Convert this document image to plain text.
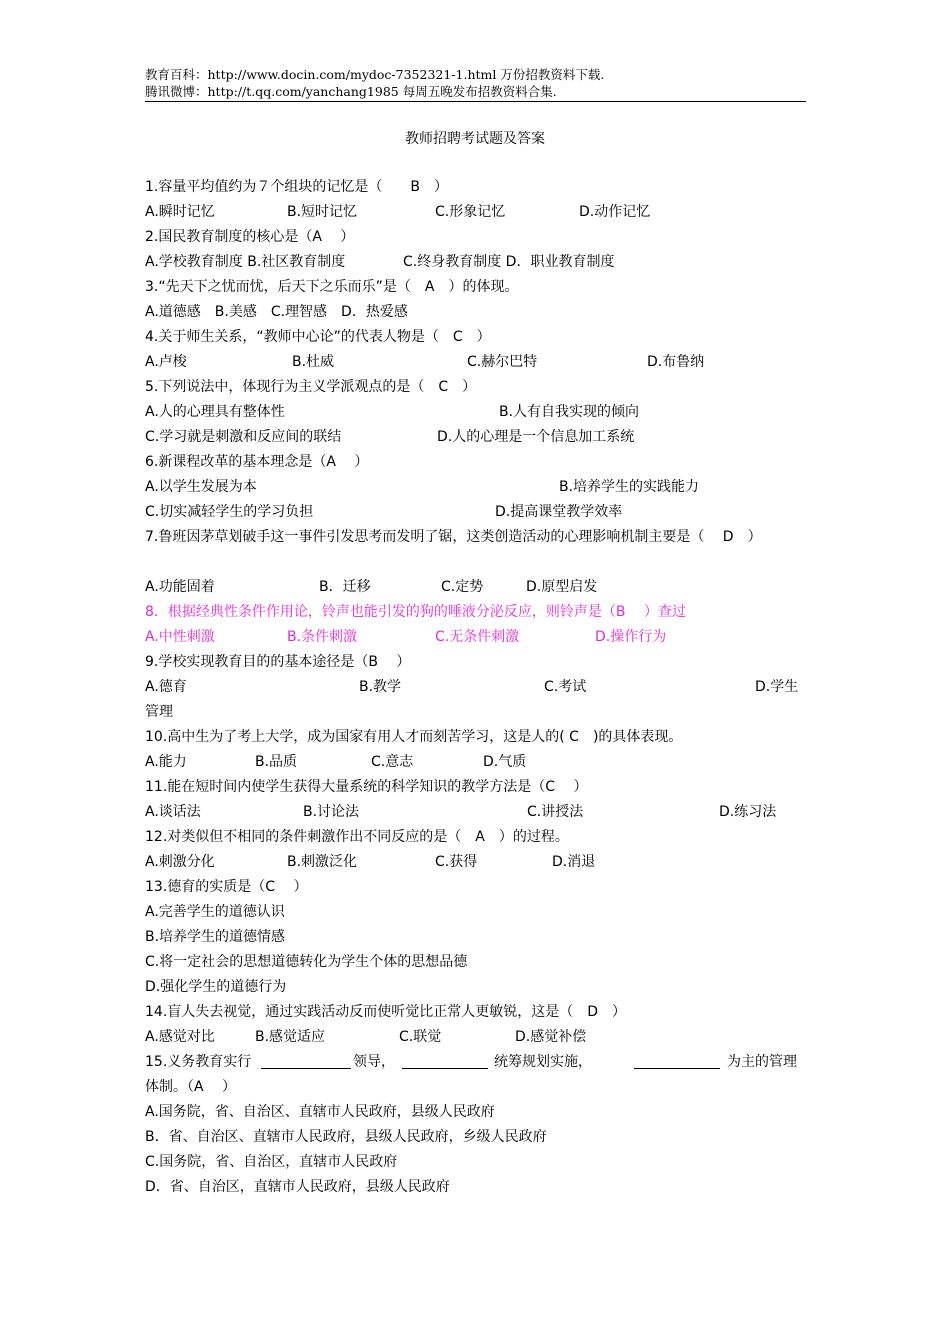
教育百科：http://www.docin.com/mydoc-7352321-1.html 万份招教资料下载.
腾讯微博：http://t.qq.com/yanchang1985 每周五晚发布招教资料合集.
教师招聘考试题及答案
1.容量平均值约为７个组块的记忆是（　　B　）
A.瞬时记忆	B.短时记忆	C.形象记忆	D.动作记忆
2.国民教育制度的核心是（A　 ）
A.学校教育制度 B.社区教育制度	C.终身教育制度 D．职业教育制度
3.“先天下之忧而忧，后天下之乐而乐”是（　A　）的体现。
A.道德感　B.美感　C.理智感　D．热爱感
4.关于师生关系，“教师中心论”的代表人物是（　C　）
A.卢梭	B.杜威	C.赫尔巴特	D.布鲁纳
5.下列说法中，体现行为主义学派观点的是（　C　）
A.人的心理具有整体性	B.人有自我实现的倾向
C.学习就是刺激和反应间的联结	D.人的心理是一个信息加工系统
6.新课程改革的基本理念是（A　 ）
A.以学生发展为本	B.培养学生的实践能力
C.切实减轻学生的学习负担	D.提高课堂教学效率
7.鲁班因茅草划破手这一事件引发思考而发明了锯，这类创造活动的心理影响机制主要是（　 D　）
A.功能固着	B．迁移	C.定势	D.原型启发
8．根据经典性条件作用论，铃声也能引发的狗的唾液分泌反应，则铃声是（B　 ）查过
A.中性刺激	B.条件刺激	C.无条件刺激	D.操作行为
9.学校实现教育目的的基本途径是（B　 ）
A.德育	B.教学	C.考试	D.学生
管理
10.高中生为了考上大学，成为国家有用人才而刻苦学习，这是人的( C　)的具体表现。
A.能力	B.品质	C.意志	D.气质
11.能在短时间内使学生获得大量系统的科学知识的教学方法是（C　 ）
A.谈话法	B.讨论法	C.讲授法	D.练习法
12.对类似但不相同的条件刺激作出不同反应的是（　A　）的过程。
A.刺激分化	B.刺激泛化	C.获得	D.消退
13.德育的实质是（C　 ）
A.完善学生的道德认识
B.培养学生的道德情感
C.将一定社会的思想道德转化为学生个体的思想品德
D.强化学生的道德行为
14.盲人失去视觉，通过实践活动反而使听觉比正常人更敏锐，这是（　D　）
A.感觉对比	B.感觉适应	C.联觉	D.感觉补偿
15.义务教育实行	领导，	统筹规划实施，	为主的管理
体制。（A　 ）
A.国务院，省、自治区、直辖市人民政府，县级人民政府
B．省、自治区、直辖市人民政府，县级人民政府，乡级人民政府
C.国务院，省、自治区，直辖市人民政府
D．省、自治区，直辖市人民政府，县级人民政府
